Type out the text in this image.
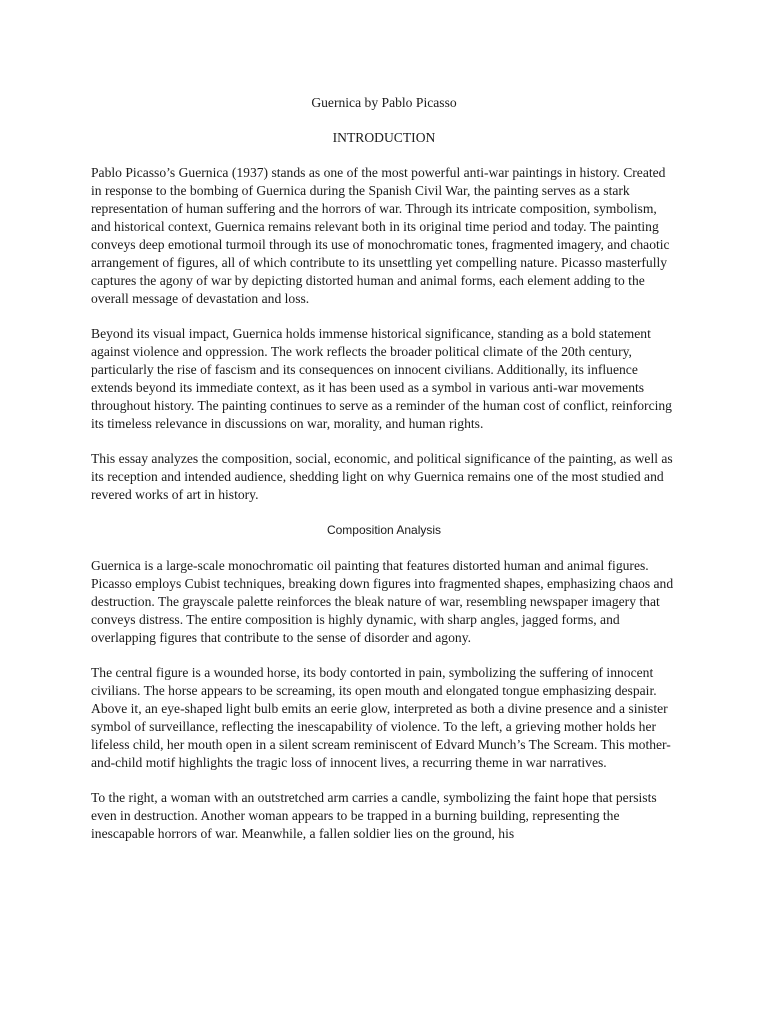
Guernica by Pablo Picasso
INTRODUCTION

Pablo Picasso’s Guernica (1937) stands as one of the most powerful anti-war paintings in history. Created in response to the bombing of Guernica during the Spanish Civil War, the painting serves as a stark representation of human suffering and the horrors of war. Through its intricate composition, symbolism, and historical context, Guernica remains relevant both in its original time period and today. The painting conveys deep emotional turmoil through its use of monochromatic tones, fragmented imagery, and chaotic arrangement of figures, all of which contribute to its unsettling yet compelling nature. Picasso masterfully captures the agony of war by depicting distorted human and animal forms, each element adding to the overall message of devastation and loss.

Beyond its visual impact, Guernica holds immense historical significance, standing as a bold statement against violence and oppression. The work reflects the broader political climate of the 20th century, particularly the rise of fascism and its consequences on innocent civilians. Additionally, its influence extends beyond its immediate context, as it has been used as a symbol in various anti-war movements throughout history. The painting continues to serve as a reminder of the human cost of conflict, reinforcing its timeless relevance in discussions on war, morality, and human rights.

This essay analyzes the composition, social, economic, and political significance of the painting, as well as its reception and intended audience, shedding light on why Guernica remains one of the most studied and revered works of art in history.

Composition Analysis

Guernica is a large-scale monochromatic oil painting that features distorted human and animal figures. Picasso employs Cubist techniques, breaking down figures into fragmented shapes, emphasizing chaos and destruction. The grayscale palette reinforces the bleak nature of war, resembling newspaper imagery that conveys distress. The entire composition is highly dynamic, with sharp angles, jagged forms, and overlapping figures that contribute to the sense of disorder and agony.

The central figure is a wounded horse, its body contorted in pain, symbolizing the suffering of innocent civilians. The horse appears to be screaming, its open mouth and elongated tongue emphasizing despair. Above it, an eye-shaped light bulb emits an eerie glow, interpreted as both a divine presence and a sinister symbol of surveillance, reflecting the inescapability of violence. To the left, a grieving mother holds her lifeless child, her mouth open in a silent scream reminiscent of Edvard Munch’s The Scream. This mother-and-child motif highlights the tragic loss of innocent lives, a recurring theme in war narratives.

To the right, a woman with an outstretched arm carries a candle, symbolizing the faint hope that persists even in destruction. Another woman appears to be trapped in a burning building, representing the inescapable horrors of war. Meanwhile, a fallen soldier lies on the ground, his
